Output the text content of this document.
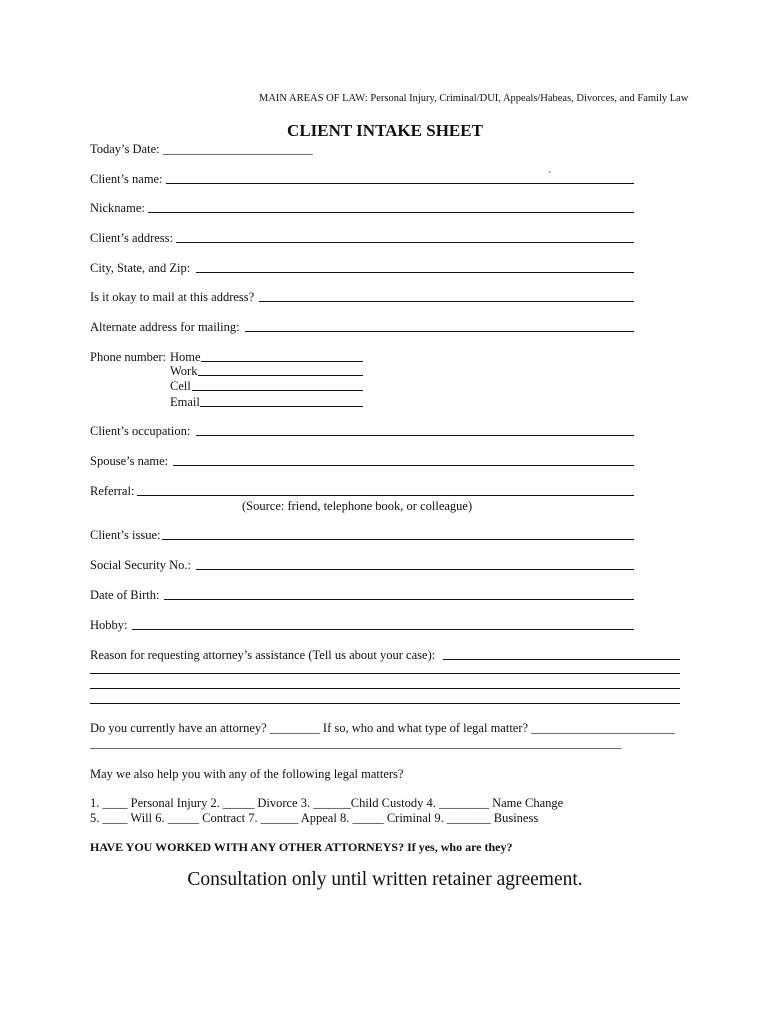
MAIN AREAS OF LAW: Personal Injury, Criminal/DUI, Appeals/Habeas, Divorces, and Family Law
CLIENT INTAKE SHEET
Today’s Date: ________________________
Client’s name:	`
Nickname:
Client’s address:
City, State, and Zip:
Is it okay to mail at this address?
Alternate address for mailing:
Phone number: Home
Work
Cell
Email
Client’s occupation:
Spouse’s name:
Referral:
(Source: friend, telephone book, or colleague)
Client’s issue:
Social Security No.:
Date of Birth:
Hobby:
Reason for requesting attorney’s assistance (Tell us about your case):
Do you currently have an attorney? ________ If so, who and what type of legal matter? _______________________
_____________________________________________________________________________________
May we also help you with any of the following legal matters?
1. ____ Personal Injury 2. _____ Divorce 3. ______Child Custody 4. ________ Name Change
5. ____ Will 6. _____ Contract 7. ______ Appeal 8. _____ Criminal 9. _______ Business
HAVE YOU WORKED WITH ANY OTHER ATTORNEYS? If yes, who are they?
Consultation only until written retainer agreement.
